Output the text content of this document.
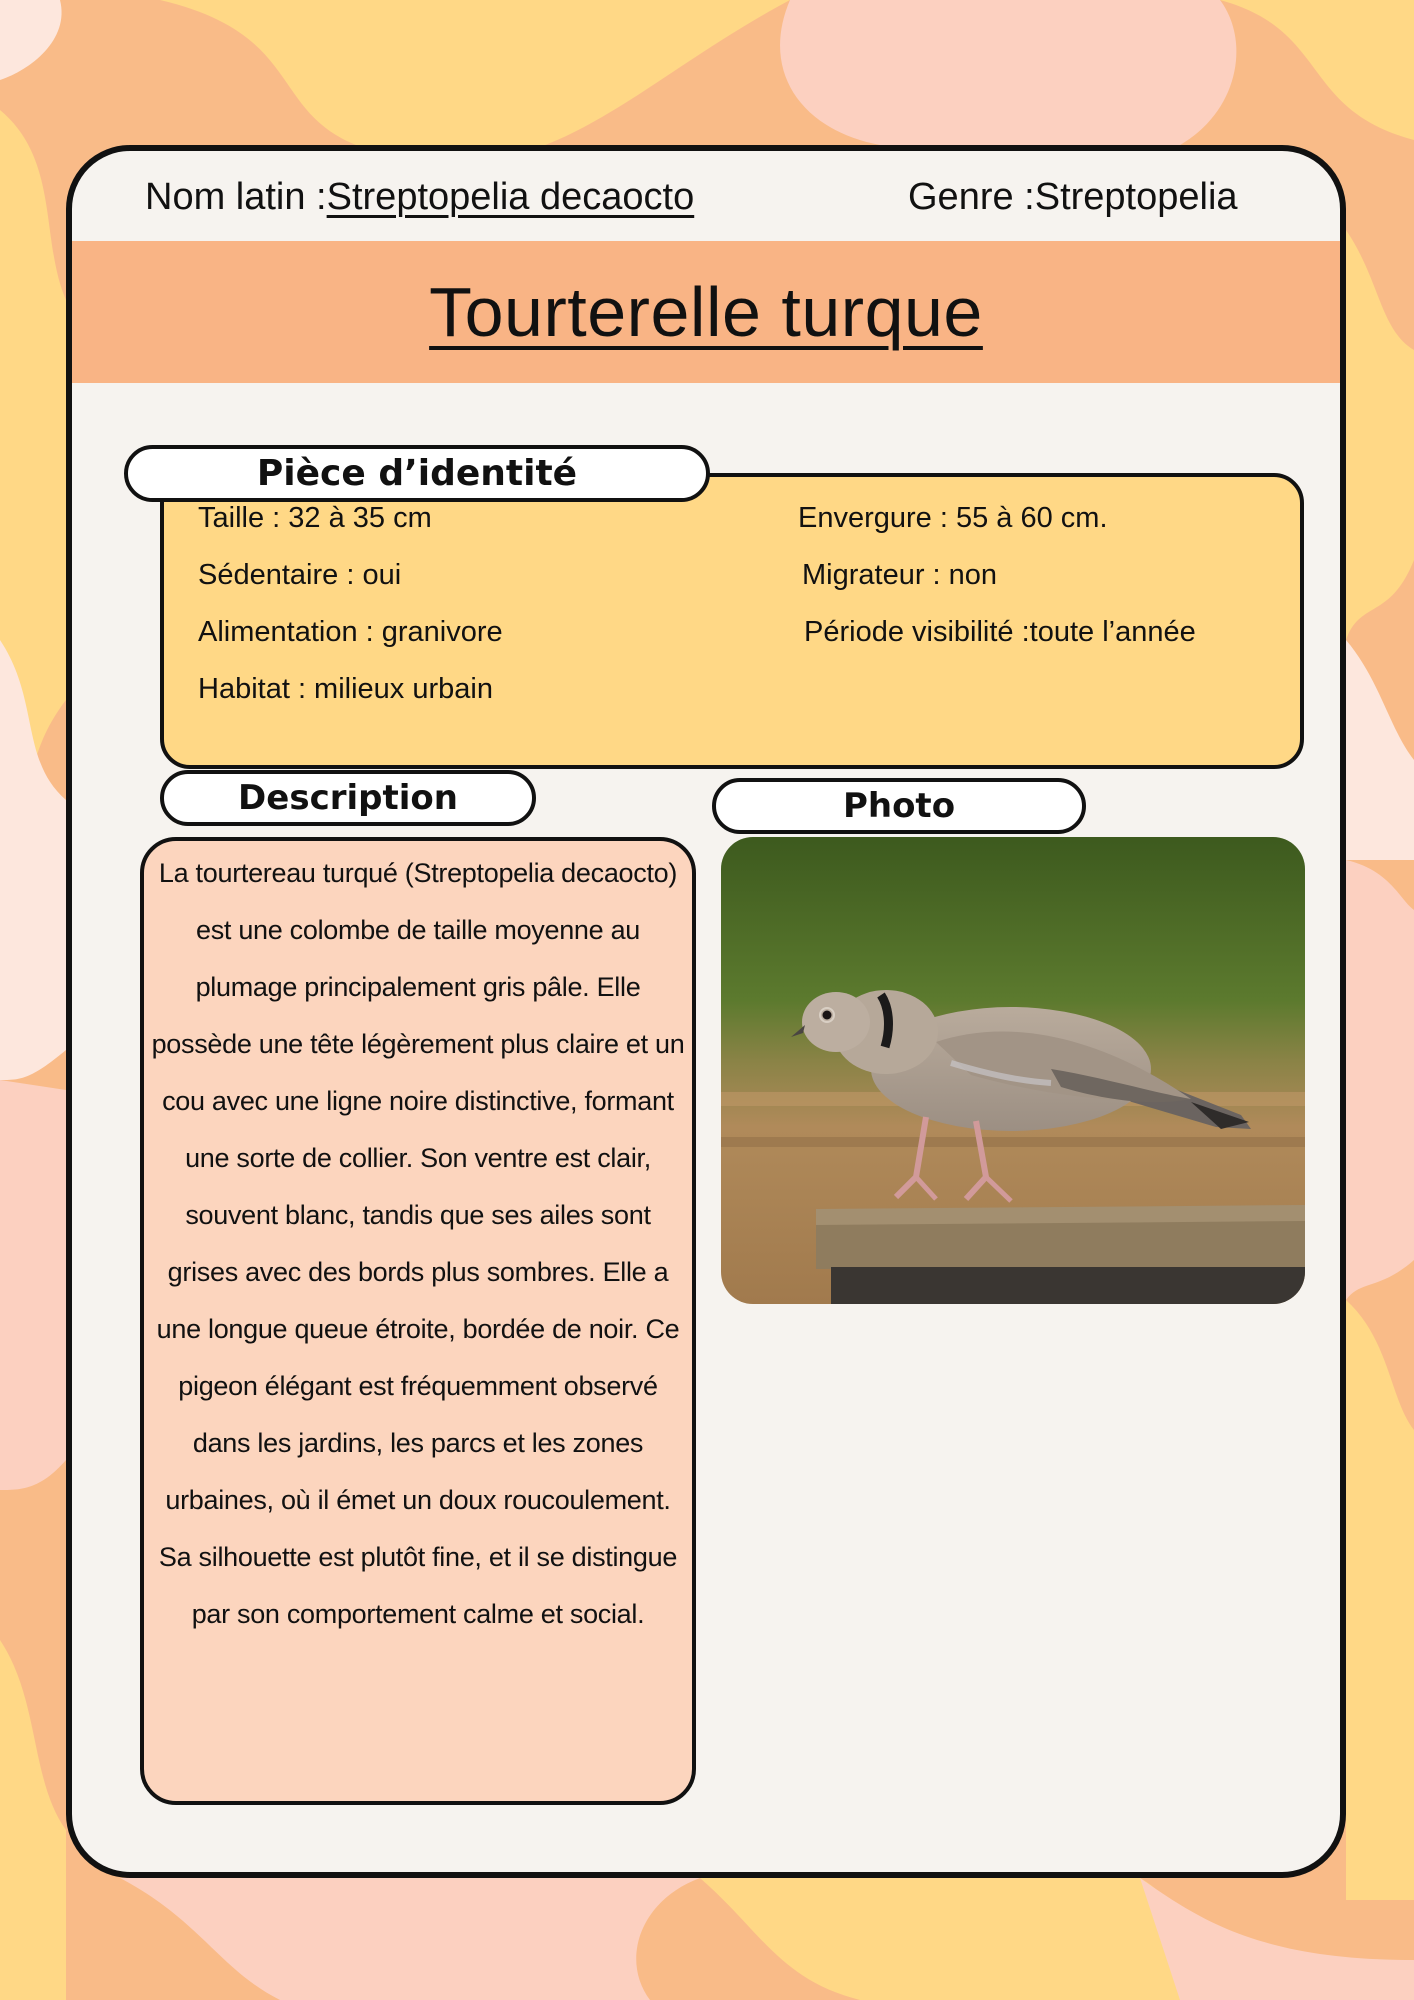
Nom latin :Streptopelia decaocto	Genre :Streptopelia
Tourterelle turque
Taille : 32 à 35 cm
Sédentaire : oui
Alimentation : granivore
Habitat : milieux urbain
Envergure : 55 à 60 cm.
Migrateur : non
Période visibilité :toute l’année
Pièce d’identité
Description

La tourtereau turqué (Streptopelia decaocto) est une colombe de taille moyenne au plumage principalement gris pâle. Elle possède une tête légèrement plus claire et un cou avec une ligne noire distinctive, formant une sorte de collier. Son ventre est clair, souvent blanc, tandis que ses ailes sont grises avec des bords plus sombres. Elle a une longue queue étroite, bordée de noir. Ce pigeon élégant est fréquemment observé dans les jardins, les parcs et les zones urbaines, où il émet un doux roucoulement. Sa silhouette est plutôt fine, et il se distingue par son comportement calme et social.

Photo
